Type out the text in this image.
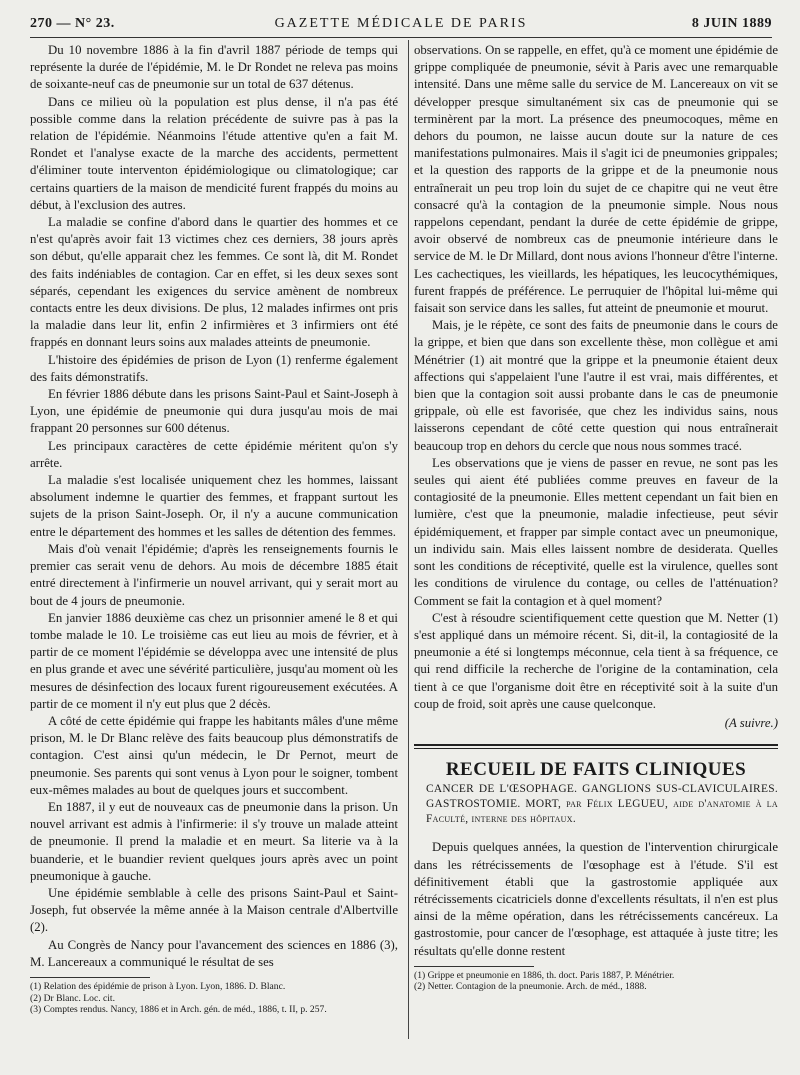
270 — N° 23.	GAZETTE MÉDICALE DE PARIS	8 JUIN 1889

Du 10 novembre 1886 à la fin d'avril 1887 période de temps qui représente la durée de l'épidémie, M. le Dr Rondet ne releva pas moins de soixante-neuf cas de pneumonie sur un total de 637 détenus.

Dans ce milieu où la population est plus dense, il n'a pas été possible comme dans la relation précédente de suivre pas à pas la relation de l'épidémie. Néanmoins l'étude attentive qu'en a fait M. Rondet et l'analyse exacte de la marche des accidents, permettent d'éliminer toute interventon épidémiologique ou climatologique; car certains quartiers de la maison de mendicité furent frappés du moins au début, à l'exclusion des autres.

La maladie se confine d'abord dans le quartier des hommes et ce n'est qu'après avoir fait 13 victimes chez ces derniers, 38 jours après son début, qu'elle apparait chez les femmes. Ce sont là, dit M. Rondet des faits indéniables de contagion. Car en effet, si les deux sexes sont séparés, cependant les exigences du service amènent de nombreux contacts entre les deux divisions. De plus, 12 malades infirmes ont pris la maladie dans leur lit, enfin 2 infirmières et 3 infirmiers ont été frappés en donnant leurs soins aux malades atteints de pneumonie.

L'histoire des épidémies de prison de Lyon (1) renferme également des faits démonstratifs.

En février 1886 débute dans les prisons Saint-Paul et Saint-Joseph à Lyon, une épidémie de pneumonie qui dura jusqu'au mois de mai frappant 20 personnes sur 600 détenus.

Les principaux caractères de cette épidémie méritent qu'on s'y arrête.

La maladie s'est localisée uniquement chez les hommes, laissant absolument indemne le quartier des femmes, et frappant surtout les sujets de la prison Saint-Joseph. Or, il n'y a aucune communication entre le département des hommes et les salles de détention des femmes.

Mais d'où venait l'épidémie; d'après les renseignements fournis le premier cas serait venu de dehors. Au mois de décembre 1885 était entré directement à l'infirmerie un nouvel arrivant, qui y serait mort au bout de 4 jours de pneumonie.

En janvier 1886 deuxième cas chez un prisonnier amené le 8 et qui tombe malade le 10. Le troisième cas eut lieu au mois de février, et à partir de ce moment l'épidémie se développa avec une intensité de plus en plus grande et avec une sévérité particulière, jusqu'au moment où les mesures de désinfection des locaux furent rigoureusement exécutées. A partir de ce moment il n'y eut plus que 2 décès.

A côté de cette épidémie qui frappe les habitants mâles d'une même prison, M. le Dr Blanc relève des faits beaucoup plus démonstratifs de contagion. C'est ainsi qu'un médecin, le Dr Pernot, meurt de pneumonie. Ses parents qui sont venus à Lyon pour le soigner, tombent eux-mêmes malades au bout de quelques jours et succombent.

En 1887, il y eut de nouveaux cas de pneumonie dans la prison. Un nouvel arrivant est admis à l'infirmerie: il s'y trouve un malade atteint de pneumonie. Il prend la maladie et en meurt. Sa literie va à la buanderie, et le buandier revient quelques jours après avec un point pneumonique à gauche.

Une épidémie semblable à celle des prisons Saint-Paul et Saint-Joseph, fut observée la même année à la Maison centrale d'Albertville (2).

Au Congrès de Nancy pour l'avancement des sciences en 1886 (3), M. Lancereaux a communiqué le résultat de ses

(1) Relation des épidémie de prison à Lyon. Lyon, 1886. D. Blanc.

(2) Dr Blanc. Loc. cit.

(3) Comptes rendus. Nancy, 1886 et in Arch. gén. de méd., 1886, t. II, p. 257.

observations. On se rappelle, en effet, qu'à ce moment une épidémie de grippe compliquée de pneumonie, sévit à Paris avec une remarquable intensité. Dans une même salle du service de M. Lancereaux on vit se développer presque simultanément six cas de pneumonie qui se terminèrent par la mort. La présence des pneumocoques, même en dehors du poumon, ne laisse aucun doute sur la nature de ces manifestations pulmonaires. Mais il s'agit ici de pneumonies grippales; et la question des rapports de la grippe et de la pneumonie nous entraînerait un peu trop loin du sujet de ce chapitre qui ne veut être consacré qu'à la contagion de la pneumonie simple. Nous nous rappelons cependant, pendant la durée de cette épidémie de grippe, avoir observé de nombreux cas de pneumonie intérieure dans le service de M. le Dr Millard, dont nous avions l'honneur d'être l'interne. Les cachectiques, les vieillards, les hépatiques, les leucocythémiques, furent frappés de préférence. Le perruquier de l'hôpital lui-même qui faisait son service dans les salles, fut atteint de pneumonie et mourut.

Mais, je le répète, ce sont des faits de pneumonie dans le cours de la grippe, et bien que dans son excellente thèse, mon collègue et ami Ménétrier (1) ait montré que la grippe et la pneumonie étaient deux affections qui s'appelaient l'une l'autre il est vrai, mais différentes, et bien que la contagion soit aussi probante dans le cas de pneumonie grippale, où elle est favorisée, que chez les individus sains, nous laisserons cependant de côté cette question qui nous entraînerait beaucoup trop en dehors du cercle que nous nous sommes tracé.

Les observations que je viens de passer en revue, ne sont pas les seules qui aient été publiées comme preuves en faveur de la contagiosité de la pneumonie. Elles mettent cependant un fait bien en lumière, c'est que la pneumonie, maladie infectieuse, peut sévir épidémiquement, et frapper par simple contact avec un pneumonique, un individu sain. Mais elles laissent nombre de desiderata. Quelles sont les conditions de réceptivité, quelle est la virulence, quelles sont les conditions de virulence du contage, ou celles de l'atténuation? Comment se fait la contagion et à quel moment?

C'est à résoudre scientifiquement cette question que M. Netter (1) s'est appliqué dans un mémoire récent. Si, dit-il, la contagiosité de la pneumonie a été si longtemps méconnue, cela tient à sa fréquence, ce qui rend difficile la recherche de l'origine de la contamination, cela tient à ce que l'organisme doit être en réceptivité soit à la suite d'un coup de froid, soit après une cause quelconque.

(A suivre.)

RECUEIL DE FAITS CLINIQUES

CANCER DE L'ŒSOPHAGE. GANGLIONS SUS-CLAVICULAIRES. GASTROSTOMIE. MORT, par Félix LEGUEU, aide d'anatomie à la Faculté, interne des hôpitaux.

Depuis quelques années, la question de l'intervention chirurgicale dans les rétrécissements de l'œsophage est à l'étude. S'il est définitivement établi que la gastrostomie appliquée aux rétrécissements cicatriciels donne d'excellents résultats, il n'en est plus ainsi de la même opération, dans les rétrécissements cancéreux. La gastrostomie, pour cancer de l'œsophage, est attaquée à juste titre; les résultats qu'elle donne restent

(1) Grippe et pneumonie en 1886, th. doct. Paris 1887, P. Ménétrier.

(2) Netter. Contagion de la pneumonie. Arch. de méd., 1888.
